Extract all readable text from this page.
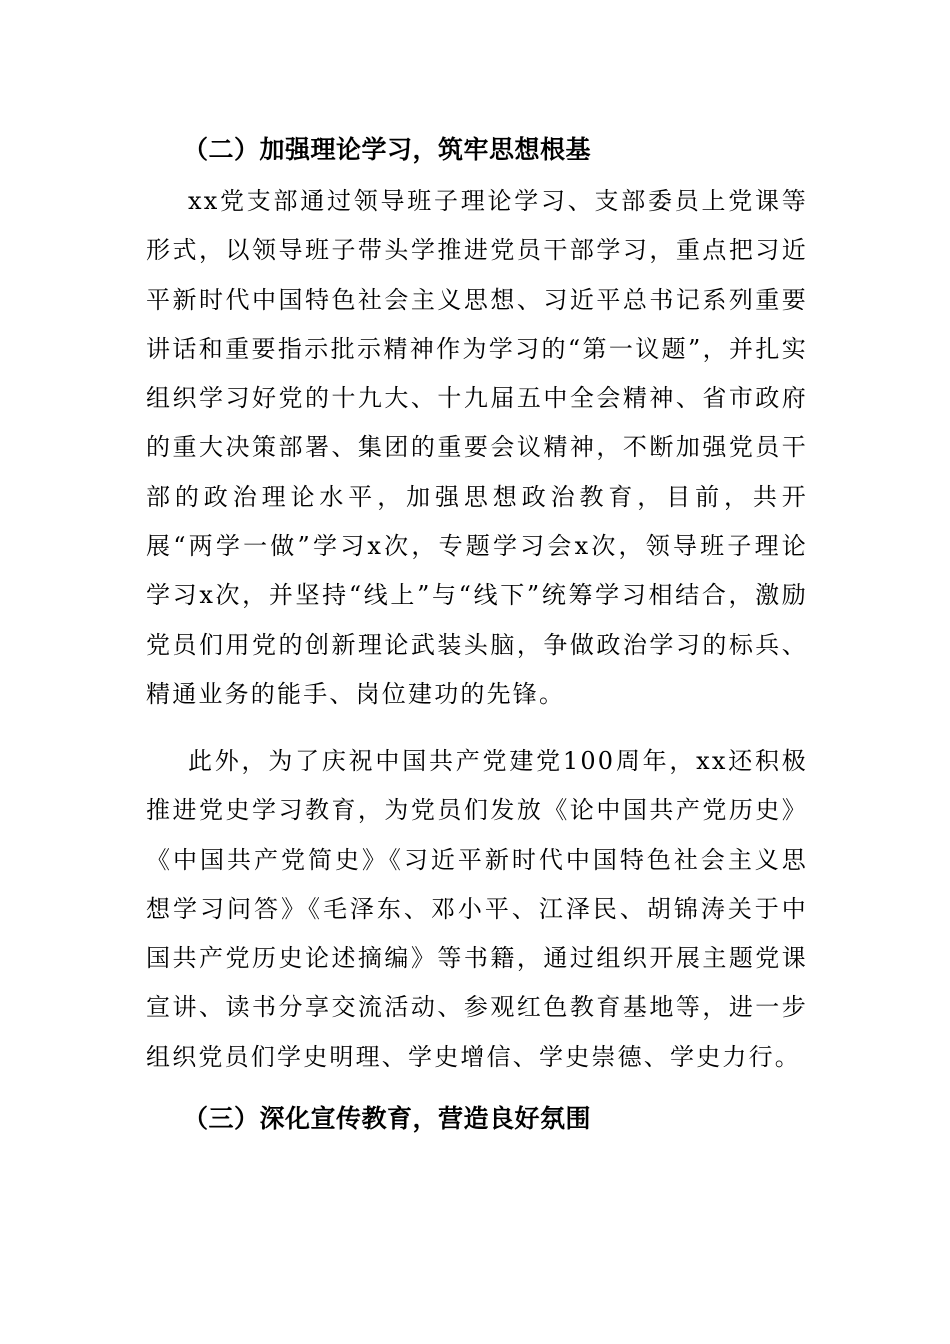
（二）加强理论学习，筑牢思想根基

xx党支部通过领导班子理论学习、支部委员上党课等形式，以领导班子带头学推进党员干部学习，重点把习近平新时代中国特色社会主义思想、习近平总书记系列重要讲话和重要指示批示精神作为学习的“第一议题”，并扎实组织学习好党的十九大、十九届五中全会精神、省市政府的重大决策部署、集团的重要会议精神，不断加强党员干部的政治理论水平，加强思想政治教育，目前，共开展“两学一做”学习x次，专题学习会x次，领导班子理论学习x次，并坚持“线上”与“线下”统筹学习相结合，激励党员们用党的创新理论武装头脑，争做政治学习的标兵、精通业务的能手、岗位建功的先锋。

此外，为了庆祝中国共产党建党100周年，xx还积极推进党史学习教育，为党员们发放《论中国共产党历史》《中国共产党简史》《习近平新时代中国特色社会主义思想学习问答》《毛泽东、邓小平、江泽民、胡锦涛关于中国共产党历史论述摘编》等书籍，通过组织开展主题党课宣讲、读书分享交流活动、参观红色教育基地等，进一步组织党员们学史明理、学史增信、学史崇德、学史力行。

（三）深化宣传教育，营造良好氛围
